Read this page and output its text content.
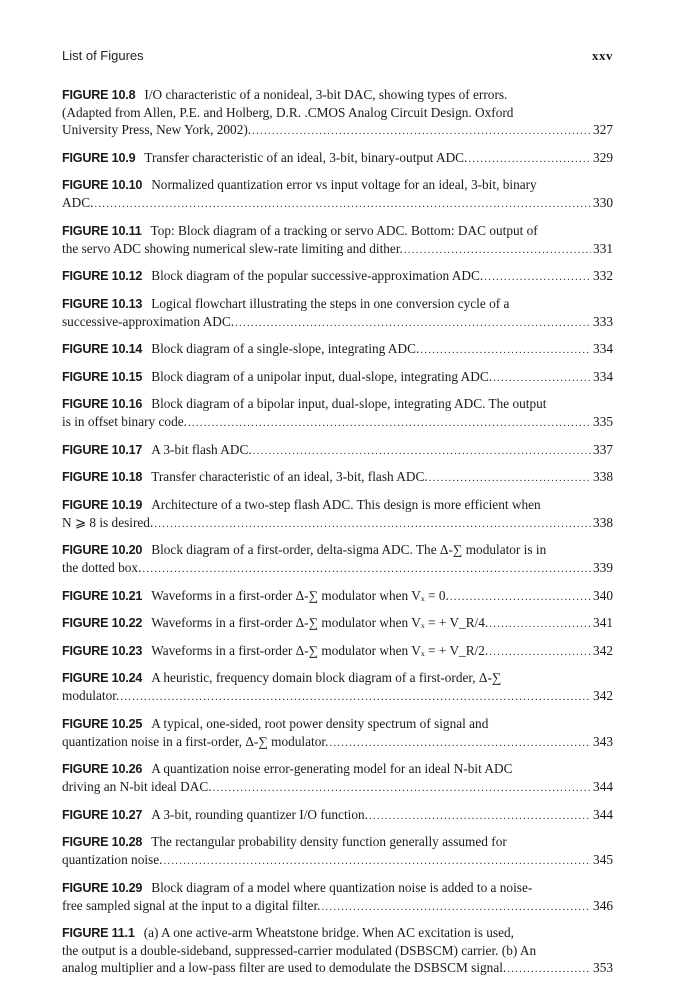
List of Figures	xxv
FIGURE 10.8 I/O characteristic of a nonideal, 3-bit DAC, showing types of errors.
(Adapted from Allen, P.E. and Holberg, D.R. .CMOS Analog Circuit Design. Oxford
University Press, New York, 2002). .....	327
FIGURE 10.9 Transfer characteristic of an ideal, 3-bit, binary-output ADC. .....	329
FIGURE 10.10 Normalized quantization error vs input voltage for an ideal, 3-bit, binary
ADC. .....	330
FIGURE 10.11 Top: Block diagram of a tracking or servo ADC. Bottom: DAC output of
the servo ADC showing numerical slew-rate limiting and dither. .....	331
FIGURE 10.12 Block diagram of the popular successive-approximation ADC. .....	332
FIGURE 10.13 Logical flowchart illustrating the steps in one conversion cycle of a
successive-approximation ADC. .....	333
FIGURE 10.14 Block diagram of a single-slope, integrating ADC. .....	334
FIGURE 10.15 Block diagram of a unipolar input, dual-slope, integrating ADC. .....	334
FIGURE 10.16 Block diagram of a bipolar input, dual-slope, integrating ADC. The output
is in offset binary code. .....	335
FIGURE 10.17 A 3-bit flash ADC. .....	337
FIGURE 10.18 Transfer characteristic of an ideal, 3-bit, flash ADC. .....	338
FIGURE 10.19 Architecture of a two-step flash ADC. This design is more efficient when
N ⩾ 8 is desired. .....	338
FIGURE 10.20 Block diagram of a first-order, delta-sigma ADC. The Δ-∑ modulator is in
the dotted box. .....	339
FIGURE 10.21 Waveforms in a first-order Δ-∑ modulator when Vₓ = 0. .....	340
FIGURE 10.22 Waveforms in a first-order Δ-∑ modulator when Vₓ = + V_R/4. .....	341
FIGURE 10.23 Waveforms in a first-order Δ-∑ modulator when Vₓ = + V_R/2. .....	342
FIGURE 10.24 A heuristic, frequency domain block diagram of a first-order, Δ-∑
modulator. .....	342
FIGURE 10.25 A typical, one-sided, root power density spectrum of signal and
quantization noise in a first-order, Δ-∑ modulator. .....	343
FIGURE 10.26 A quantization noise error-generating model for an ideal N-bit ADC
driving an N-bit ideal DAC. .....	344
FIGURE 10.27 A 3-bit, rounding quantizer I/O function. .....	344
FIGURE 10.28 The rectangular probability density function generally assumed for
quantization noise. .....	345
FIGURE 10.29 Block diagram of a model where quantization noise is added to a noise-
free sampled signal at the input to a digital filter. .....	346
FIGURE 11.1 (a) A one active-arm Wheatstone bridge. When AC excitation is used,
the output is a double-sideband, suppressed-carrier modulated (DSBSCM) carrier. (b) An
analog multiplier and a low-pass filter are used to demodulate the DSBSCM signal. .....	353
